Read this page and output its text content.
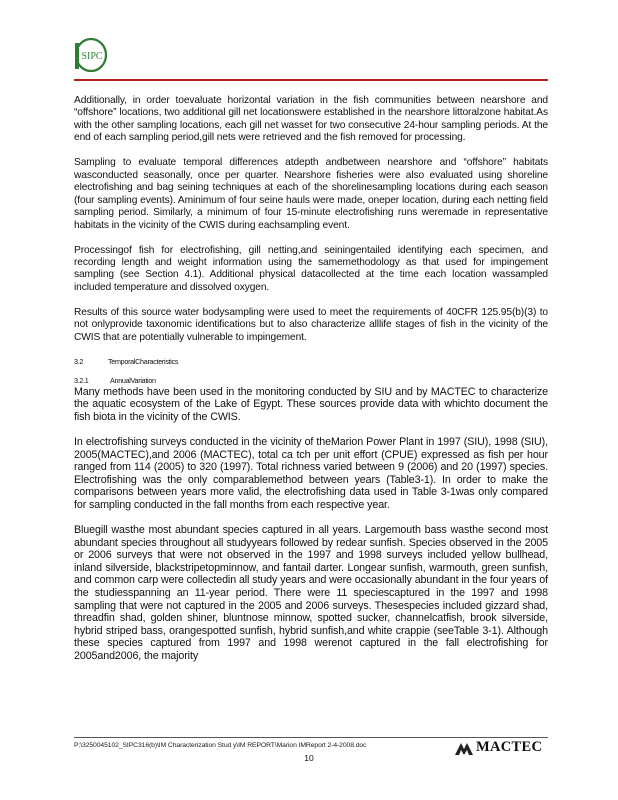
SIPC

Additionally, in order toevaluate horizontal variation in the fish communities between nearshore and “offshore” locations, two additional gill net locationswere established in the nearshore littoralzone habitat.As with the other sampling locations, each gill net wasset for two consecutive 24-hour sampling periods. At the end of each sampling period,gill nets were retrieved and the fish removed for processing.

Sampling to evaluate temporal differences atdepth andbetween nearshore and “offshore” habitats wasconducted seasonally, once per quarter. Nearshore fisheries were also evaluated using shoreline electrofishing and bag seining techniques at each of the shorelinesampling locations during each season (four sampling events). Aminimum of four seine hauls were made, oneper location, during each netting field sampling period. Similarly, a minimum of four 15-minute electrofishing runs weremade in representative habitats in the vicinity of the CWIS during eachsampling event.

Processingof fish for electrofishing, gill netting,and seiningentailed identifying each specimen, and recording length and weight information using the samemethodology as that used for impingement sampling (see Section 4.1). Additional physical datacollected at the time each location wassampled included temperature and dissolved oxygen.

Results of this source water bodysampling were used to meet the requirements of 40CFR 125.95(b)(3) to not onlyprovide taxonomic identifications but to also characterize alllife stages of fish in the vicinity of the CWIS that are potentially vulnerable to impingement.

3.2	TemporalCharacteristics
3.2.1	AnnualVariation

Many methods have been used in the monitoring conducted by SIU and by MACTEC to characterize the aquatic ecosystem of the Lake of Egypt. These sources provide data with whichto document the fish biota in the vicinity of the CWIS.

In electrofishing surveys conducted in the vicinity of theMarion Power Plant in 1997 (SIU), 1998 (SIU), 2005(MACTEC),and 2006 (MACTEC), total ca tch per unit effort (CPUE) expressed as fish per hour ranged from 114 (2005) to 320 (1997). Total richness varied between 9 (2006) and 20 (1997) species. Electrofishing was the only comparablemethod between years (Table3-1). In order to make the comparisons between years more valid, the electrofishing data used in Table 3-1was only compared for sampling conducted in the fall months from each respective year.

Bluegill wasthe most abundant species captured in all years. Largemouth bass wasthe second most abundant species throughout all studyyears followed by redear sunfish. Species observed in the 2005 or 2006 surveys that were not observed in the 1997 and 1998 surveys included yellow bullhead, inland silverside, blackstripetopminnow, and fantail darter. Longear sunfish, warmouth, green sunfish, and common carp were collectedin all study years and were occasionally abundant in the four years of the studiesspanning an 11-year period. There were 11 speciescaptured in the 1997 and 1998 sampling that were not captured in the 2005 and 2006 surveys. Thesespecies included gizzard shad, threadfin shad, golden shiner, bluntnose minnow, spotted sucker, channelcatfish, brook silverside, hybrid striped bass, orangespotted sunfish, hybrid sunfish,and white crappie (seeTable 3-1). Although these species captured from 1997 and 1998 werenot captured in the fall electrofishing for 2005and2006, the majority

P:\3250045102_SIPC316(b)\IM Characterization Stud y\IM REPORT\Marion IMReport 2-4-2008.doc	MACTEC
10
